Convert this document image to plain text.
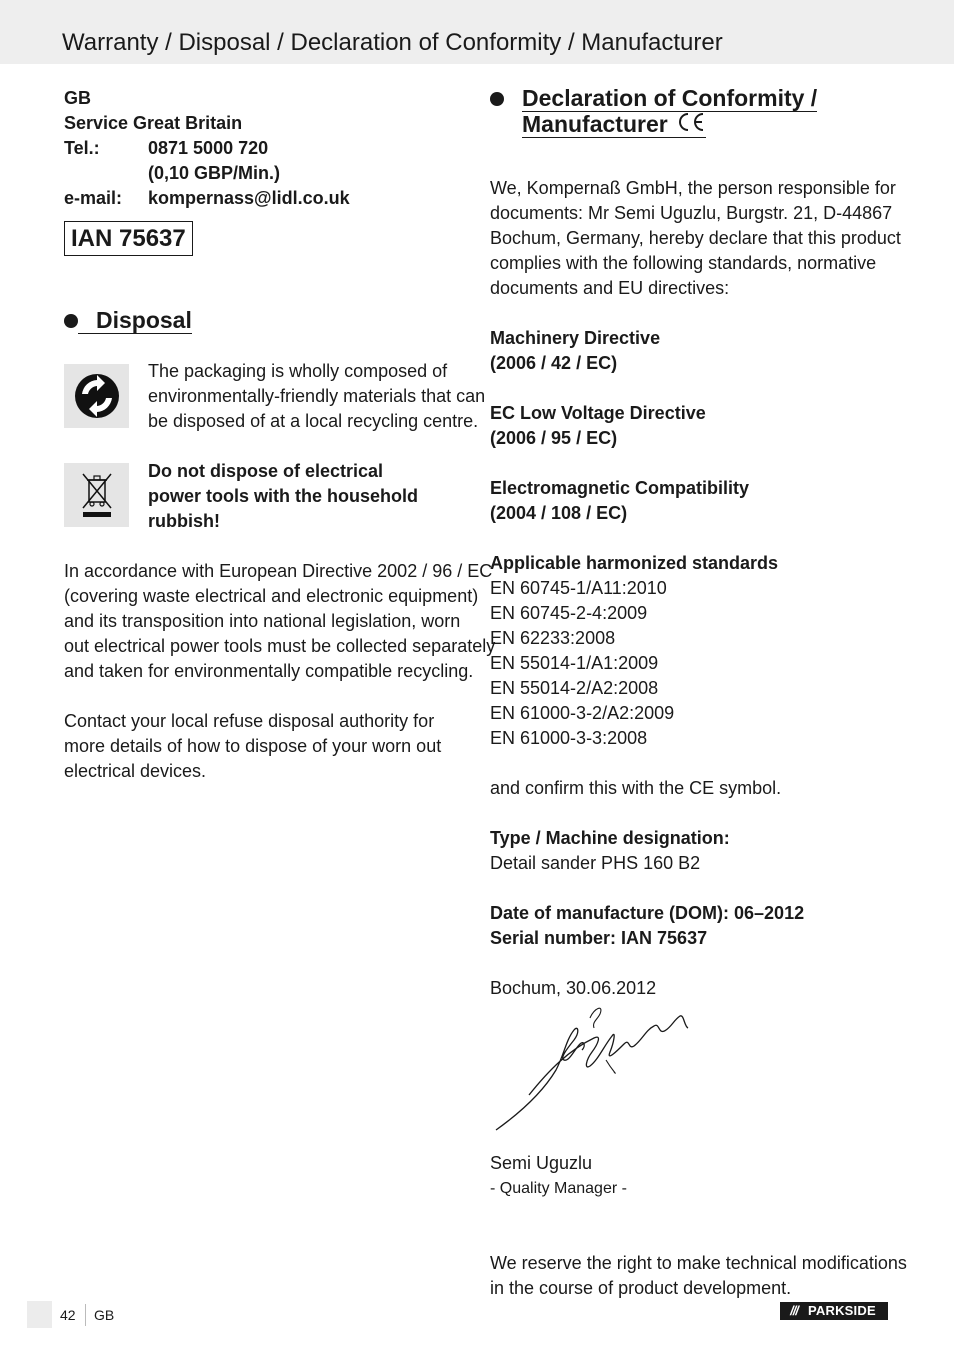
Warranty / Disposal / Declaration of Conformity / Manufacturer
GB
Service Great Britain
Tel.:	0871 5000 720
(0,10 GBP/Min.)
e-mail:	kompernass@lidl.co.uk
IAN 75637
Disposal
The packaging is wholly composed of
environmentally-friendly materials that can
be disposed of at a local recycling centre.
Do not dispose of electrical
power tools with the household
rubbish!
In accordance with European Directive 2002 / 96 / EC
(covering waste electrical and electronic equipment)
and its transposition into national legislation, worn
out electrical power tools must be collected separately
and taken for environmentally compatible recycling.
Contact your local refuse disposal authority for
more details of how to dispose of your worn out
electrical devices.
Declaration of Conformity /
Manufacturer
We, Kompernaß GmbH, the person responsible for
documents: Mr Semi Uguzlu, Burgstr. 21, D-44867
Bochum, Germany, hereby declare that this product
complies with the following standards, normative
documents and EU directives:
Machinery Directive
(2006 / 42 / EC)
EC Low Voltage Directive
(2006 / 95 / EC)
Electromagnetic Compatibility
(2004 / 108 / EC)
Applicable harmonized standards
EN 60745-1/A11:2010
EN 60745-2-4:2009
EN 62233:2008
EN 55014-1/A1:2009
EN 55014-2/A2:2008
EN 61000-3-2/A2:2009
EN 61000-3-3:2008
and confirm this with the CE symbol.
Type / Machine designation:
Detail sander PHS 160 B2
Date of manufacture (DOM): 06–2012
Serial number: IAN 75637
Bochum, 30.06.2012
Semi Uguzlu
- Quality Manager -
We reserve the right to make technical modifications
in the course of product development.
42 GB	/// PARKSIDE
